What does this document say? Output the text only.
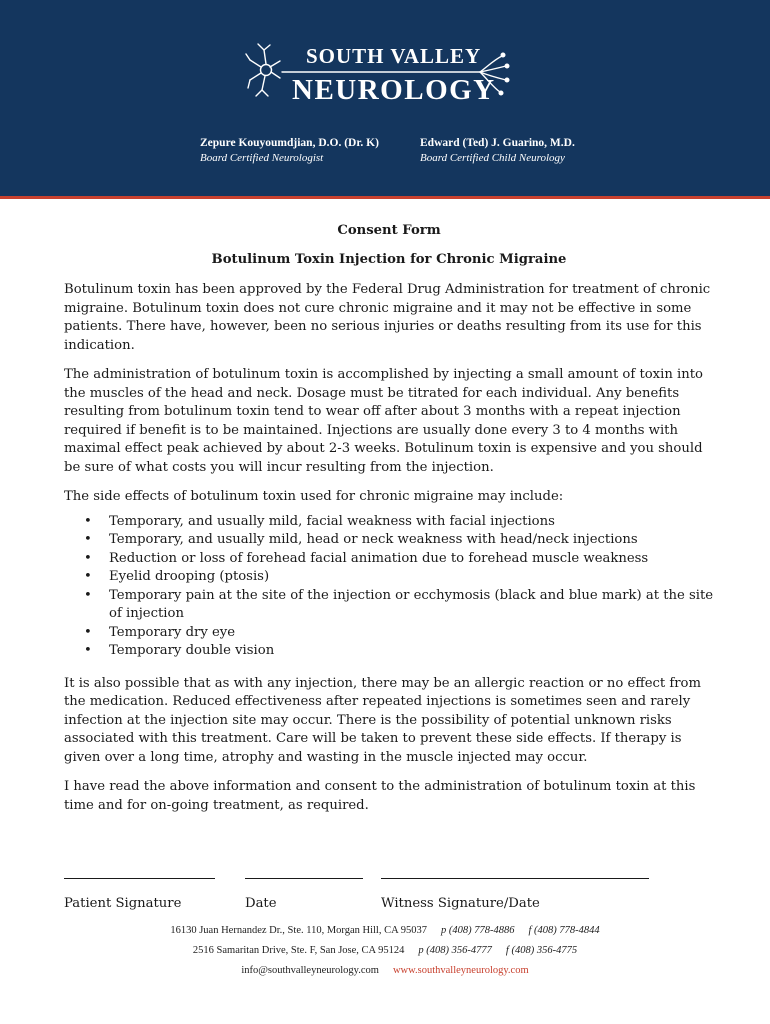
SOUTH VALLEY
NEUROLOGY
Zepure Kouyoumdjian, D.O. (Dr. K)
Board Certified Neurologist
Edward (Ted) J. Guarino, M.D.
Board Certified Child Neurology
Consent Form
Botulinum Toxin Injection for Chronic Migraine

Botulinum toxin has been approved by the Federal Drug Administration for treatment of chronic migraine. Botulinum toxin does not cure chronic migraine and it may not be effective in some patients. There have, however, been no serious injuries or deaths resulting from its use for this indication.

The administration of botulinum toxin is accomplished by injecting a small amount of toxin into the muscles of the head and neck. Dosage must be titrated for each individual. Any benefits resulting from botulinum toxin tend to wear off after about 3 months with a repeat injection required if benefit is to be maintained. Injections are usually done every 3 to 4 months with maximal effect peak achieved by about 2-3 weeks. Botulinum toxin is expensive and you should be sure of what costs you will incur resulting from the injection.

The side effects of botulinum toxin used for chronic migraine may include:

• Temporary, and usually mild, facial weakness with facial injections
• Temporary, and usually mild, head or neck weakness with head/neck injections
• Reduction or loss of forehead facial animation due to forehead muscle weakness
• Eyelid drooping (ptosis)
• Temporary pain at the site of the injection or ecchymosis (black and blue mark) at the site of injection
• Temporary dry eye
• Temporary double vision

It is also possible that as with any injection, there may be an allergic reaction or no effect from the medication. Reduced effectiveness after repeated injections is sometimes seen and rarely infection at the injection site may occur. There is the possibility of potential unknown risks associated with this treatment. Care will be taken to prevent these side effects. If therapy is given over a long time, atrophy and wasting in the muscle injected may occur.

I have read the above information and consent to the administration of botulinum toxin at this time and for on-going treatment, as required.

Patient Signature	Date	Witness Signature/Date
16130 Juan Hernandez Dr., Ste. 110, Morgan Hill, CA 95037 p (408) 778-4886 f (408) 778-4844
2516 Samaritan Drive, Ste. F, San Jose, CA 95124 p (408) 356-4777 f (408) 356-4775
info@southvalleyneurology.com www.southvalleyneurology.com
